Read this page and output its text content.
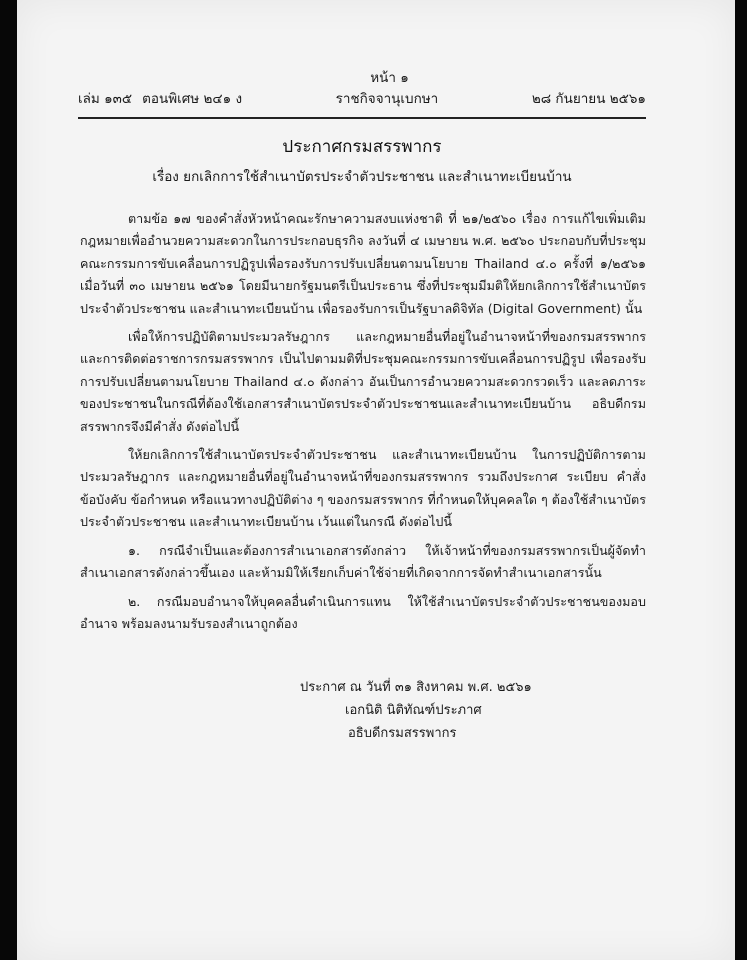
หน้า ๑
เล่ม ๑๓๕ ตอนพิเศษ ๒๔๑ ง	ราชกิจจานุเบกษา	๒๘ กันยายน ๒๕๖๑
ประกาศกรมสรรพากร
เรื่อง ยกเลิกการใช้สำเนาบัตรประจำตัวประชาชน และสำเนาทะเบียนบ้าน

ตามข้อ ๑๗ ของคำสั่งหัวหน้าคณะรักษาความสงบแห่งชาติ ที่ ๒๑/๒๕๖๐ เรื่อง การแก้ไขเพิ่มเติมกฎหมายเพื่ออำนวยความสะดวกในการประกอบธุรกิจ ลงวันที่ ๔ เมษายน พ.ศ. ๒๕๖๐ ประกอบกับที่ประชุมคณะกรรมการขับเคลื่อนการปฏิรูปเพื่อรองรับการปรับเปลี่ยนตามนโยบาย Thailand ๔.๐ ครั้งที่ ๑/๒๕๖๑ เมื่อวันที่ ๓๐ เมษายน ๒๕๖๑ โดยมีนายกรัฐมนตรีเป็นประธาน ซึ่งที่ประชุมมีมติให้ยกเลิกการใช้สำเนาบัตรประจำตัวประชาชน และสำเนาทะเบียนบ้าน เพื่อรองรับการเป็นรัฐบาลดิจิทัล (Digital Government) นั้น

เพื่อให้การปฏิบัติตามประมวลรัษฎากร และกฎหมายอื่นที่อยู่ในอำนาจหน้าที่ของกรมสรรพากร และการติดต่อราชการกรมสรรพากร เป็นไปตามมติที่ประชุมคณะกรรมการขับเคลื่อนการปฏิรูป เพื่อรองรับการปรับเปลี่ยนตามนโยบาย Thailand ๔.๐ ดังกล่าว อันเป็นการอำนวยความสะดวกรวดเร็ว และลดภาระของประชาชนในกรณีที่ต้องใช้เอกสารสำเนาบัตรประจำตัวประชาชนและสำเนาทะเบียนบ้าน อธิบดีกรมสรรพากรจึงมีคำสั่ง ดังต่อไปนี้

ให้ยกเลิกการใช้สำเนาบัตรประจำตัวประชาชน และสำเนาทะเบียนบ้าน ในการปฏิบัติการตามประมวลรัษฎากร และกฎหมายอื่นที่อยู่ในอำนาจหน้าที่ของกรมสรรพากร รวมถึงประกาศ ระเบียบ คำสั่ง ข้อบังคับ ข้อกำหนด หรือแนวทางปฏิบัติต่าง ๆ ของกรมสรรพากร ที่กำหนดให้บุคคลใด ๆ ต้องใช้สำเนาบัตรประจำตัวประชาชน และสำเนาทะเบียนบ้าน เว้นแต่ในกรณี ดังต่อไปนี้

๑. กรณีจำเป็นและต้องการสำเนาเอกสารดังกล่าว ให้เจ้าหน้าที่ของกรมสรรพากรเป็นผู้จัดทำสำเนาเอกสารดังกล่าวขึ้นเอง และห้ามมิให้เรียกเก็บค่าใช้จ่ายที่เกิดจากการจัดทำสำเนาเอกสารนั้น

๒. กรณีมอบอำนาจให้บุคคลอื่นดำเนินการแทน ให้ใช้สำเนาบัตรประจำตัวประชาชนของมอบอำนาจ พร้อมลงนามรับรองสำเนาถูกต้อง

ประกาศ ณ วันที่ ๓๑ สิงหาคม พ.ศ. ๒๕๖๑
เอกนิติ นิติทัณฑ์ประภาศ
อธิบดีกรมสรรพากร
